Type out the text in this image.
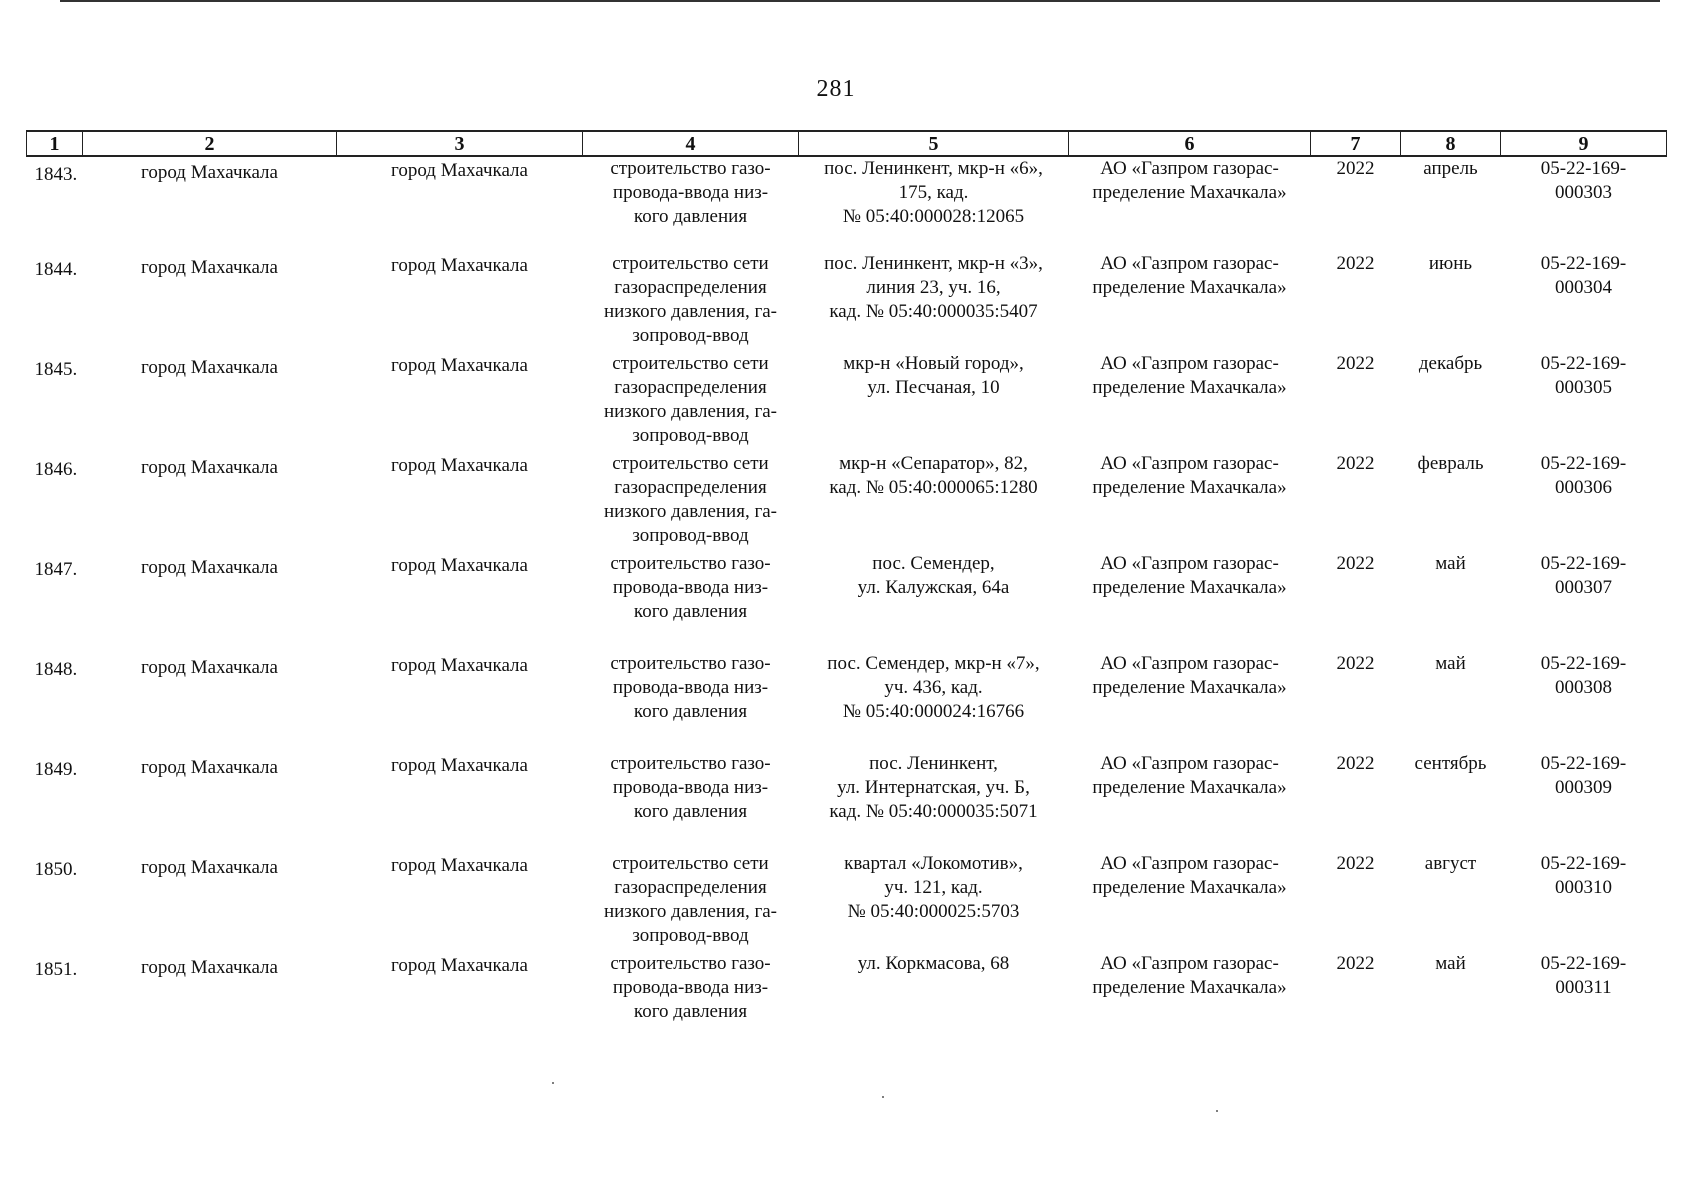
281
1	2	3	4	5	6	7	8	9
1843.	город Махачкала	город Махачкала	строительство газо-
провода-ввода низ-
кого давления	пос. Ленинкент, мкр-н «6»,
175, кад.
№ 05:40:000028:12065	АО «Газпром газорас-
пределение Махачкала»	2022	апрель	05-22-169-
000303
1844.	город Махачкала	город Махачкала	строительство сети
газораспределения
низкого давления, га-
зопровод-ввод	пос. Ленинкент, мкр-н «3»,
линия 23, уч. 16,
кад. № 05:40:000035:5407	АО «Газпром газорас-
пределение Махачкала»	2022	июнь	05-22-169-
000304
1845.	город Махачкала	город Махачкала	строительство сети
газораспределения
низкого давления, га-
зопровод-ввод	мкр-н «Новый город»,
ул. Песчаная, 10	АО «Газпром газорас-
пределение Махачкала»	2022	декабрь	05-22-169-
000305
1846.	город Махачкала	город Махачкала	строительство сети
газораспределения
низкого давления, га-
зопровод-ввод	мкр-н «Сепаратор», 82,
кад. № 05:40:000065:1280	АО «Газпром газорас-
пределение Махачкала»	2022	февраль	05-22-169-
000306
1847.	город Махачкала	город Махачкала	строительство газо-
провода-ввода низ-
кого давления	пос. Семендер,
ул. Калужская, 64а	АО «Газпром газорас-
пределение Махачкала»	2022	май	05-22-169-
000307
1848.	город Махачкала	город Махачкала	строительство газо-
провода-ввода низ-
кого давления	пос. Семендер, мкр-н «7»,
уч. 436, кад.
№ 05:40:000024:16766	АО «Газпром газорас-
пределение Махачкала»	2022	май	05-22-169-
000308
1849.	город Махачкала	город Махачкала	строительство газо-
провода-ввода низ-
кого давления	пос. Ленинкент,
ул. Интернатская, уч. Б,
кад. № 05:40:000035:5071	АО «Газпром газорас-
пределение Махачкала»	2022	сентябрь	05-22-169-
000309
1850.	город Махачкала	город Махачкала	строительство сети
газораспределения
низкого давления, га-
зопровод-ввод	квартал «Локомотив»,
уч. 121, кад.
№ 05:40:000025:5703	АО «Газпром газорас-
пределение Махачкала»	2022	август	05-22-169-
000310
1851.	город Махачкала	город Махачкала	строительство газо-
провода-ввода низ-
кого давления	ул. Коркмасова, 68	АО «Газпром газорас-
пределение Махачкала»	2022	май	05-22-169-
000311
